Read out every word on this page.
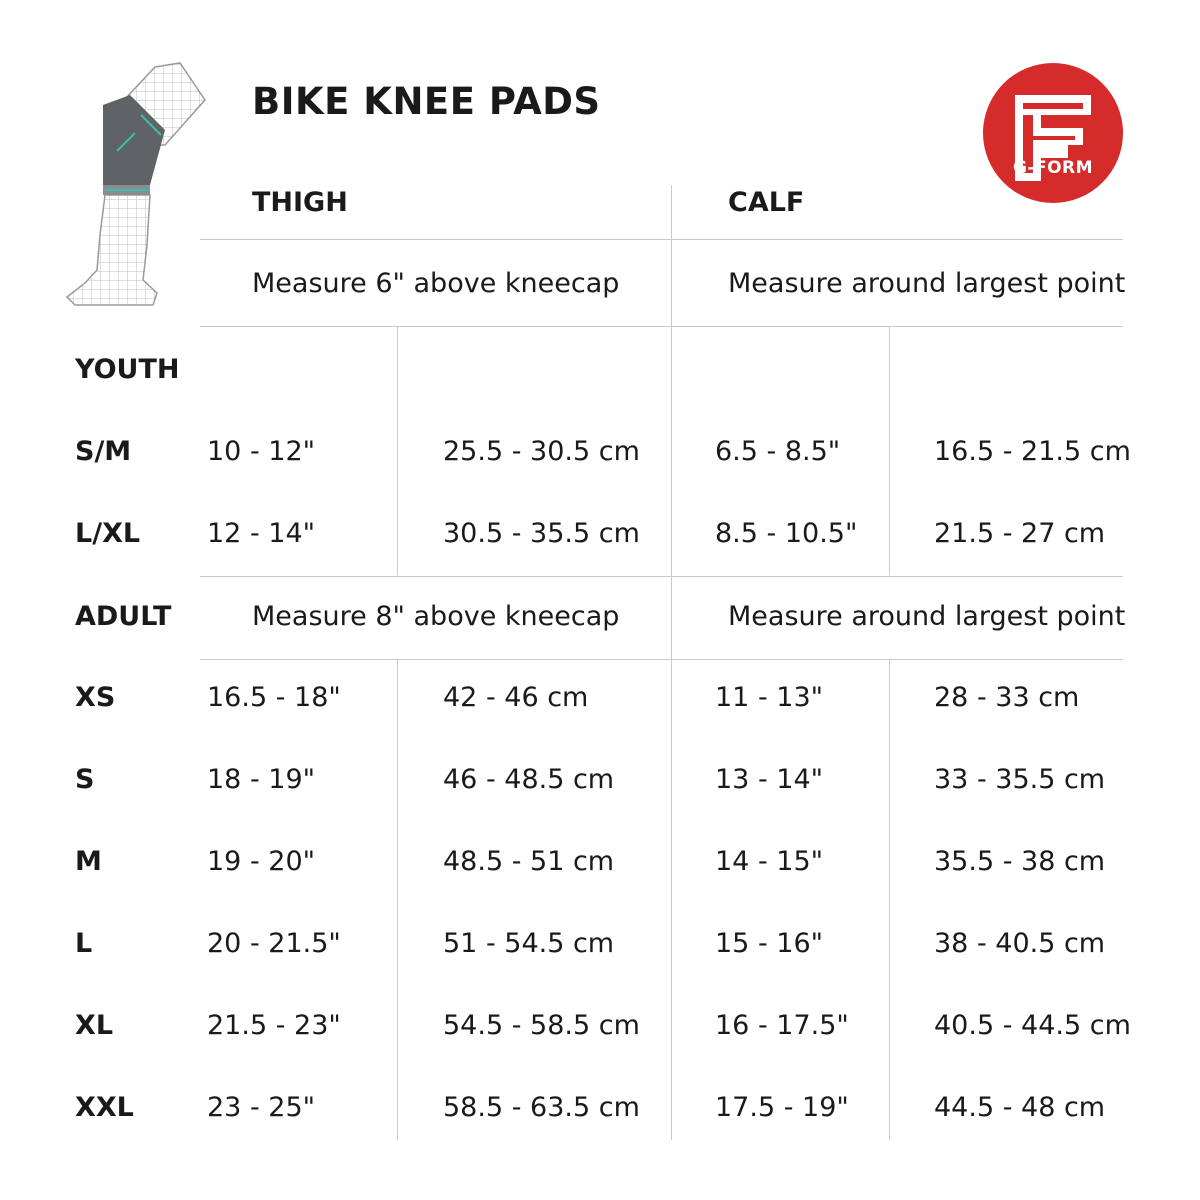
BIKE KNEE PADS
G-FORM
THIGH	CALF
Measure 6" above kneecap	Measure around largest point
YOUTH
S/M	10 - 12"	25.5 - 30.5 cm	6.5 - 8.5"	16.5 - 21.5 cm
L/XL 12 - 14"	30.5 - 35.5 cm	8.5 - 10.5"	21.5 - 27 cm
ADULT	Measure 8" above kneecap	Measure around largest point
XS	16.5 - 18"	42 - 46 cm	11 - 13"	28 - 33 cm
S	18 - 19"	46 - 48.5 cm	13 - 14"	33 - 35.5 cm
M	19 - 20"	48.5 - 51 cm	14 - 15"	35.5 - 38 cm
L	20 - 21.5"	51 - 54.5 cm	15 - 16"	38 - 40.5 cm
XL	21.5 - 23"	54.5 - 58.5 cm	16 - 17.5"	40.5 - 44.5 cm
XXL	23 - 25"	58.5 - 63.5 cm	17.5 - 19"	44.5 - 48 cm
